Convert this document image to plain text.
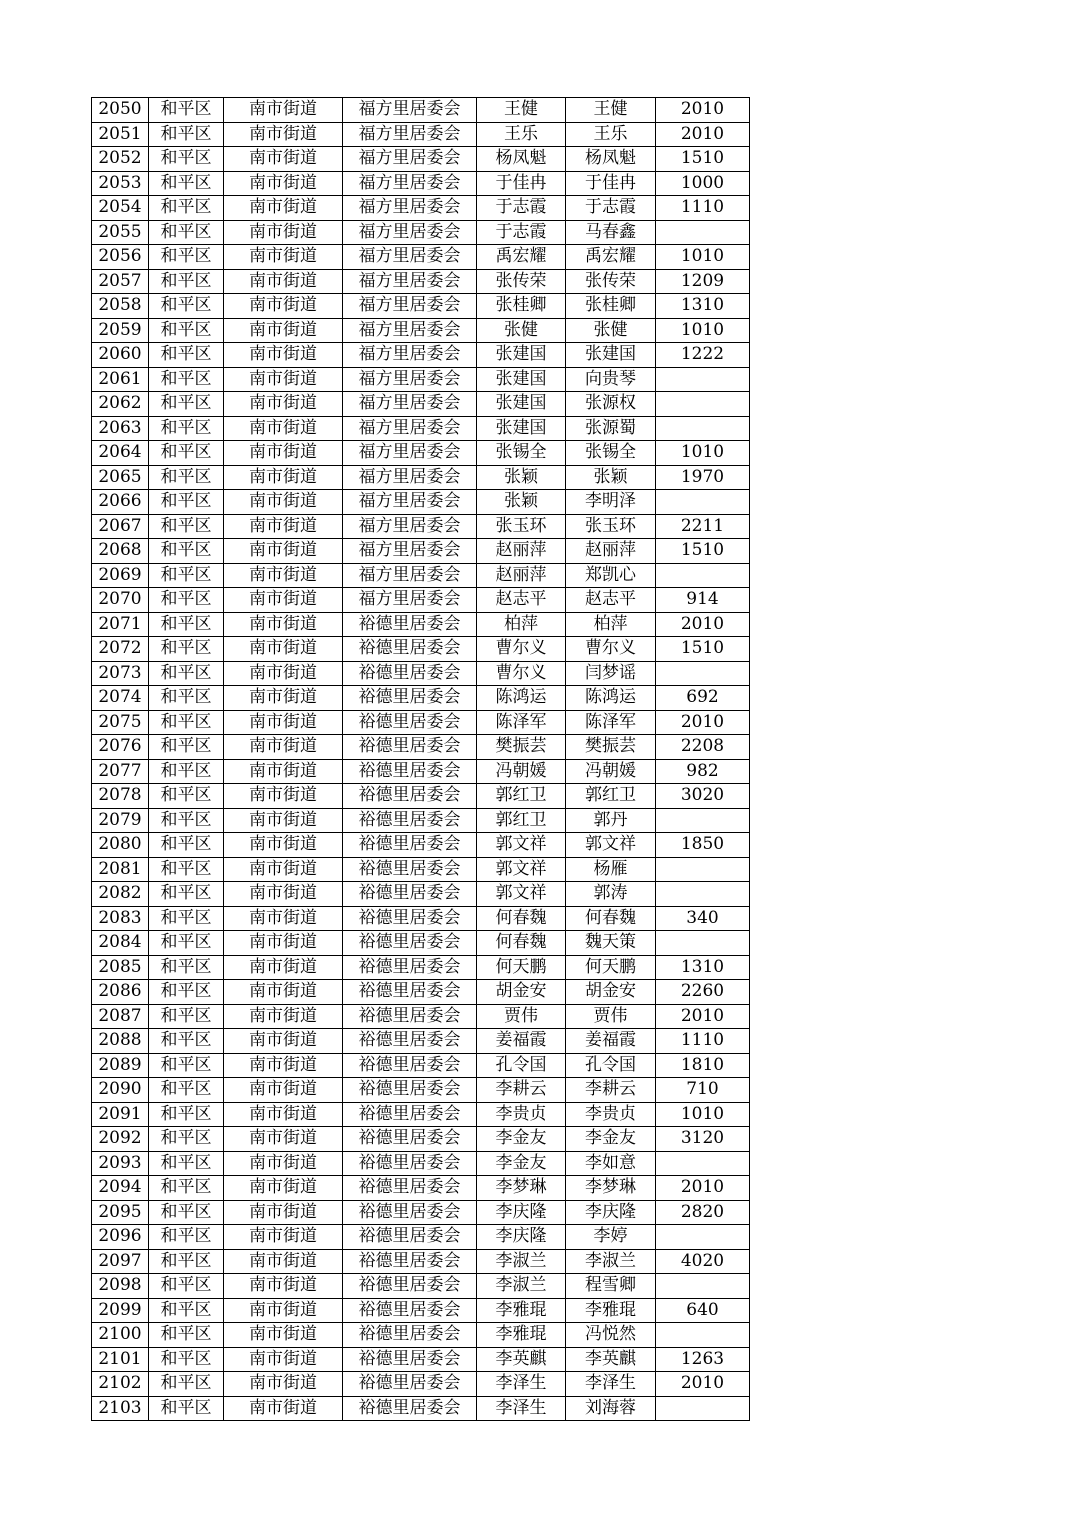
2050	和平区	南市街道	福方里居委会	王健	王健	2010
2051	和平区	南市街道	福方里居委会	王乐	王乐	2010
2052	和平区	南市街道	福方里居委会	杨凤魁	杨凤魁	1510
2053	和平区	南市街道	福方里居委会	于佳冉	于佳冉	1000
2054	和平区	南市街道	福方里居委会	于志霞	于志霞	1110
2055	和平区	南市街道	福方里居委会	于志霞	马春鑫	
2056	和平区	南市街道	福方里居委会	禹宏耀	禹宏耀	1010
2057	和平区	南市街道	福方里居委会	张传荣	张传荣	1209
2058	和平区	南市街道	福方里居委会	张桂卿	张桂卿	1310
2059	和平区	南市街道	福方里居委会	张健	张健	1010
2060	和平区	南市街道	福方里居委会	张建国	张建国	1222
2061	和平区	南市街道	福方里居委会	张建国	向贵琴	
2062	和平区	南市街道	福方里居委会	张建国	张源权	
2063	和平区	南市街道	福方里居委会	张建国	张源蜀	
2064	和平区	南市街道	福方里居委会	张锡全	张锡全	1010
2065	和平区	南市街道	福方里居委会	张颖	张颖	1970
2066	和平区	南市街道	福方里居委会	张颖	李明泽	
2067	和平区	南市街道	福方里居委会	张玉环	张玉环	2211
2068	和平区	南市街道	福方里居委会	赵丽萍	赵丽萍	1510
2069	和平区	南市街道	福方里居委会	赵丽萍	郑凯心	
2070	和平区	南市街道	福方里居委会	赵志平	赵志平	914
2071	和平区	南市街道	裕德里居委会	柏萍	柏萍	2010
2072	和平区	南市街道	裕德里居委会	曹尔义	曹尔义	1510
2073	和平区	南市街道	裕德里居委会	曹尔义	闫梦谣	
2074	和平区	南市街道	裕德里居委会	陈鸿运	陈鸿运	692
2075	和平区	南市街道	裕德里居委会	陈泽军	陈泽军	2010
2076	和平区	南市街道	裕德里居委会	樊振芸	樊振芸	2208
2077	和平区	南市街道	裕德里居委会	冯朝媛	冯朝媛	982
2078	和平区	南市街道	裕德里居委会	郭红卫	郭红卫	3020
2079	和平区	南市街道	裕德里居委会	郭红卫	郭丹	
2080	和平区	南市街道	裕德里居委会	郭文祥	郭文祥	1850
2081	和平区	南市街道	裕德里居委会	郭文祥	杨雁	
2082	和平区	南市街道	裕德里居委会	郭文祥	郭涛	
2083	和平区	南市街道	裕德里居委会	何春魏	何春魏	340
2084	和平区	南市街道	裕德里居委会	何春魏	魏天策	
2085	和平区	南市街道	裕德里居委会	何天鹏	何天鹏	1310
2086	和平区	南市街道	裕德里居委会	胡金安	胡金安	2260
2087	和平区	南市街道	裕德里居委会	贾伟	贾伟	2010
2088	和平区	南市街道	裕德里居委会	姜福霞	姜福霞	1110
2089	和平区	南市街道	裕德里居委会	孔令国	孔令国	1810
2090	和平区	南市街道	裕德里居委会	李耕云	李耕云	710
2091	和平区	南市街道	裕德里居委会	李贵贞	李贵贞	1010
2092	和平区	南市街道	裕德里居委会	李金友	李金友	3120
2093	和平区	南市街道	裕德里居委会	李金友	李如意	
2094	和平区	南市街道	裕德里居委会	李梦琳	李梦琳	2010
2095	和平区	南市街道	裕德里居委会	李庆隆	李庆隆	2820
2096	和平区	南市街道	裕德里居委会	李庆隆	李婷	
2097	和平区	南市街道	裕德里居委会	李淑兰	李淑兰	4020
2098	和平区	南市街道	裕德里居委会	李淑兰	程雪卿	
2099	和平区	南市街道	裕德里居委会	李雅琨	李雅琨	640
2100	和平区	南市街道	裕德里居委会	李雅琨	冯悦然	
2101	和平区	南市街道	裕德里居委会	李英麒	李英麒	1263
2102	和平区	南市街道	裕德里居委会	李泽生	李泽生	2010
2103	和平区	南市街道	裕德里居委会	李泽生	刘海蓉	
